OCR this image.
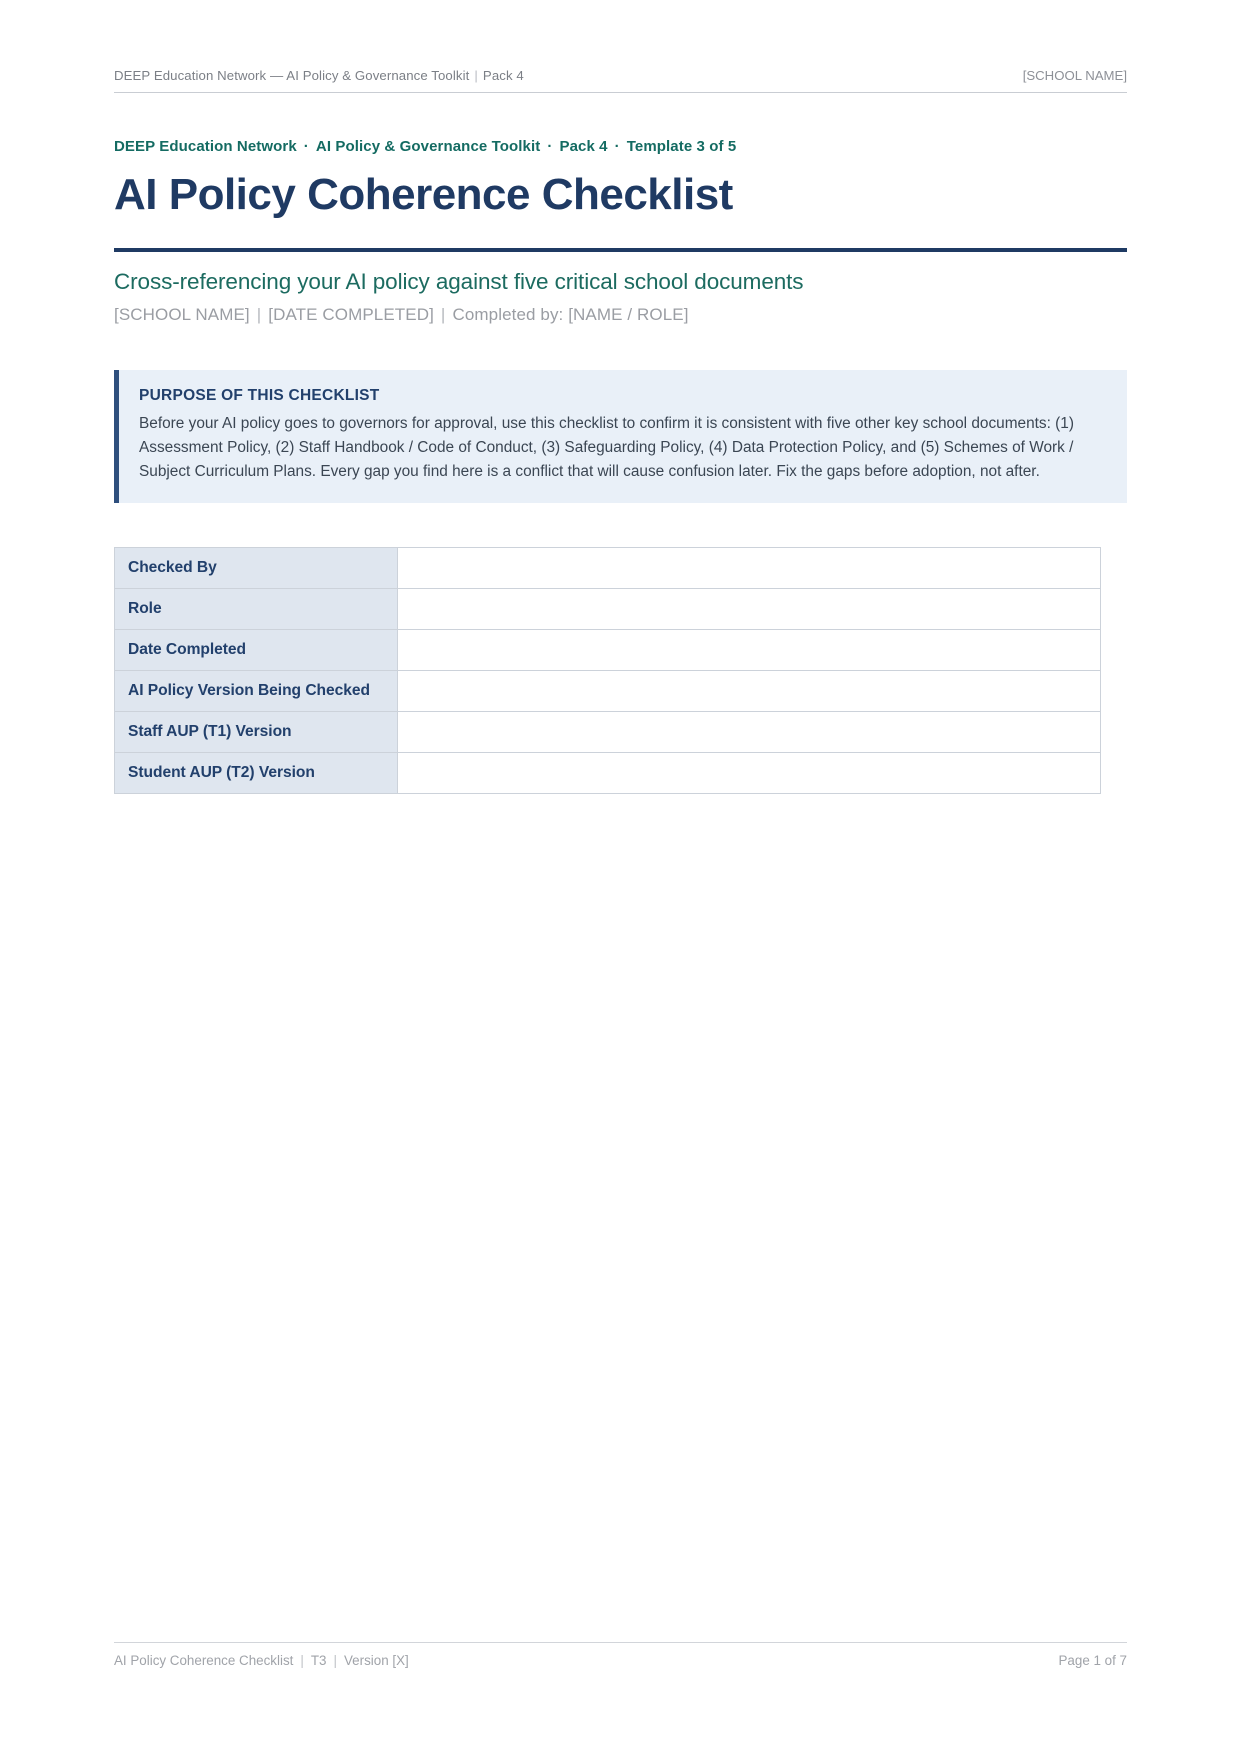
DEEP Education Network — AI Policy & Governance Toolkit | Pack 4	[SCHOOL NAME]
DEEP Education Network · AI Policy & Governance Toolkit · Pack 4 · Template 3 of 5
AI Policy Coherence Checklist
Cross-referencing your AI policy against five critical school documents
[SCHOOL NAME] | [DATE COMPLETED] | Completed by: [NAME / ROLE]
PURPOSE OF THIS CHECKLIST
Before your AI policy goes to governors for approval, use this checklist to confirm it is consistent with five other key school documents: (1) Assessment Policy, (2) Staff Handbook / Code of Conduct, (3) Safeguarding Policy, (4) Data Protection Policy, and (5) Schemes of Work / Subject Curriculum Plans. Every gap you find here is a conflict that will cause confusion later. Fix the gaps before adoption, not after.
Checked By	
Role	
Date Completed	
AI Policy Version Being Checked	
Staff AUP (T1) Version	
Student AUP (T2) Version	
AI Policy Coherence Checklist | T3 | Version [X]	Page 1 of 7
